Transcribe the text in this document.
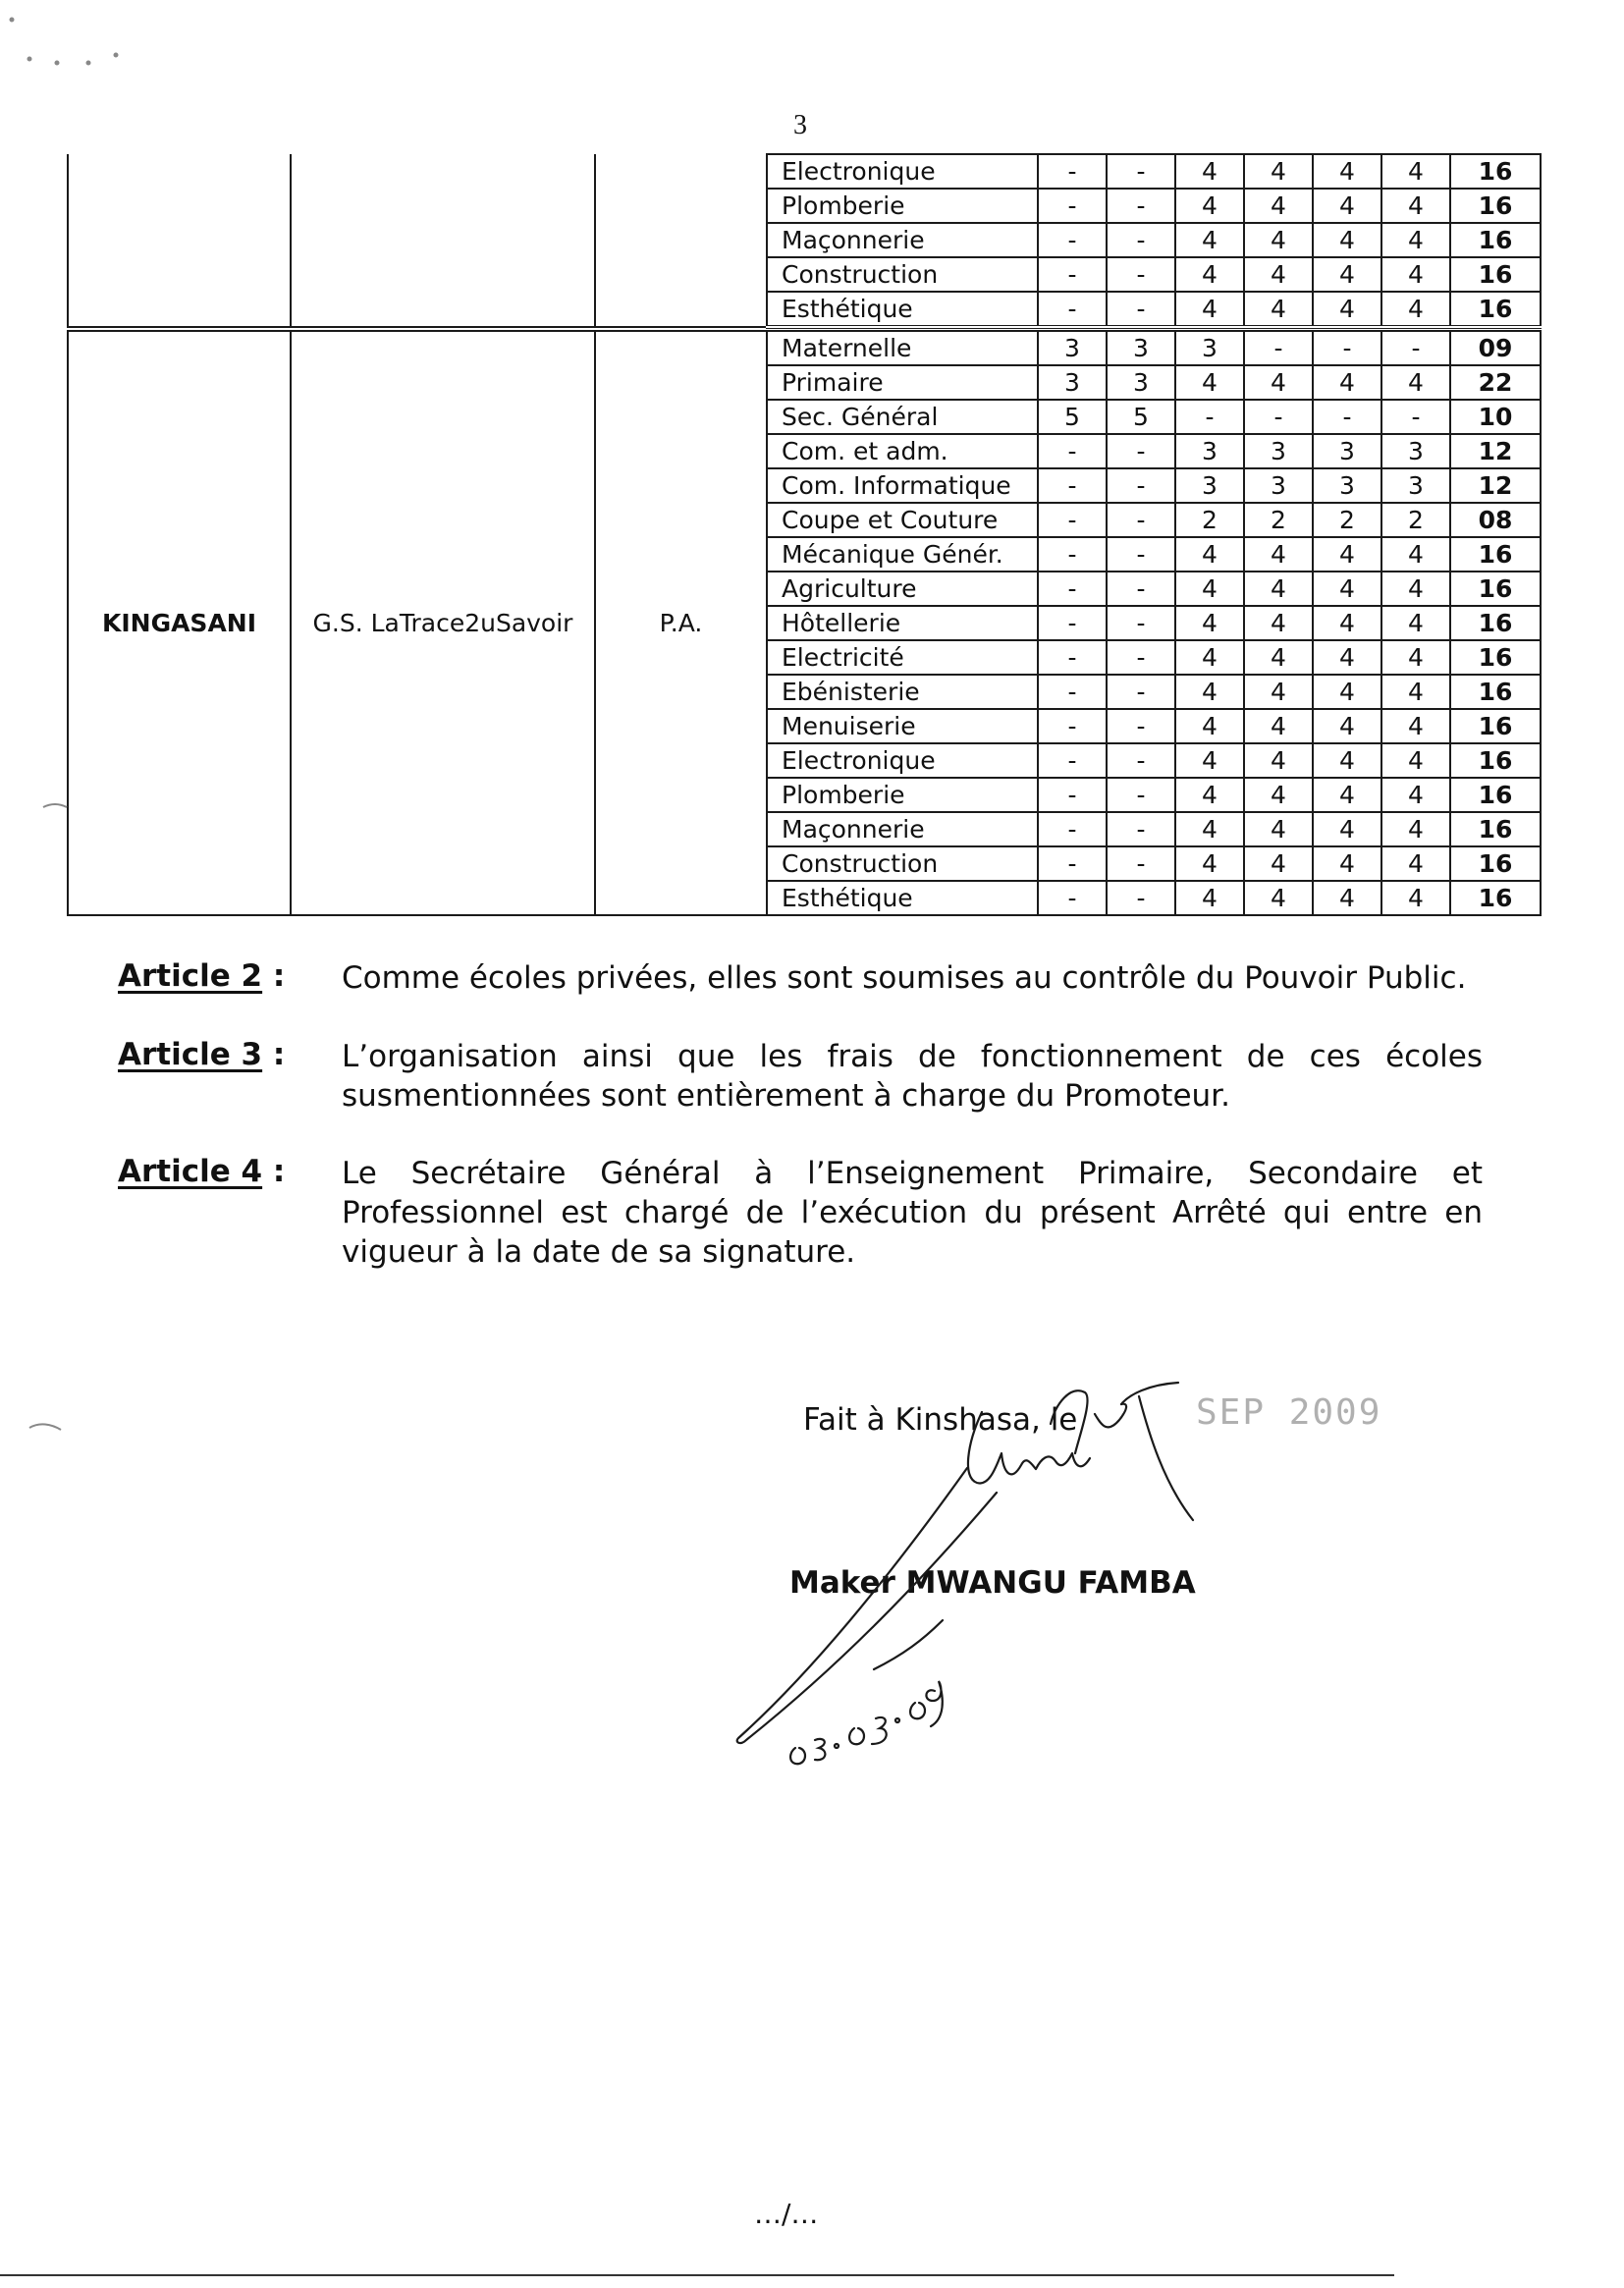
3
			Electronique	-	-	4	4	4	4	16
			Plomberie	-	-	4	4	4	4	16
			Maçonnerie	-	-	4	4	4	4	16
			Construction	-	-	4	4	4	4	16
			Esthétique	-	-	4	4	4	4	16
KINGASANI	G.S. LaTrace2uSavoir	P.A.	Maternelle	3	3	3	-	-	-	09
			Primaire	3	3	4	4	4	4	22
			Sec. Général	5	5	-	-	-	-	10
			Com. et adm.	-	-	3	3	3	3	12
			Com. Informatique	-	-	3	3	3	3	12
			Coupe et Couture	-	-	2	2	2	2	08
			Mécanique Génér.	-	-	4	4	4	4	16
			Agriculture	-	-	4	4	4	4	16
			Hôtellerie	-	-	4	4	4	4	16
			Electricité	-	-	4	4	4	4	16
			Ebénisterie	-	-	4	4	4	4	16
			Menuiserie	-	-	4	4	4	4	16
			Electronique	-	-	4	4	4	4	16
			Plomberie	-	-	4	4	4	4	16
			Maçonnerie	-	-	4	4	4	4	16
			Construction	-	-	4	4	4	4	16
			Esthétique	-	-	4	4	4	4	16
Article 2 :	Comme écoles privées, elles sont soumises au contrôle du Pouvoir Public.
Article 3 :	L’organisation ainsi que les frais de fonctionnement de ces écoles susmentionnées sont entièrement à charge du Promoteur.
Article 4 :	Le Secrétaire Général à l’Enseignement Primaire, Secondaire et Professionnel est chargé de l’exécution du présent Arrêté qui entre en vigueur à la date de sa signature.
Fait à Kinshasa, le
Maker MWANGU FAMBA
SEP 2009
…/…
